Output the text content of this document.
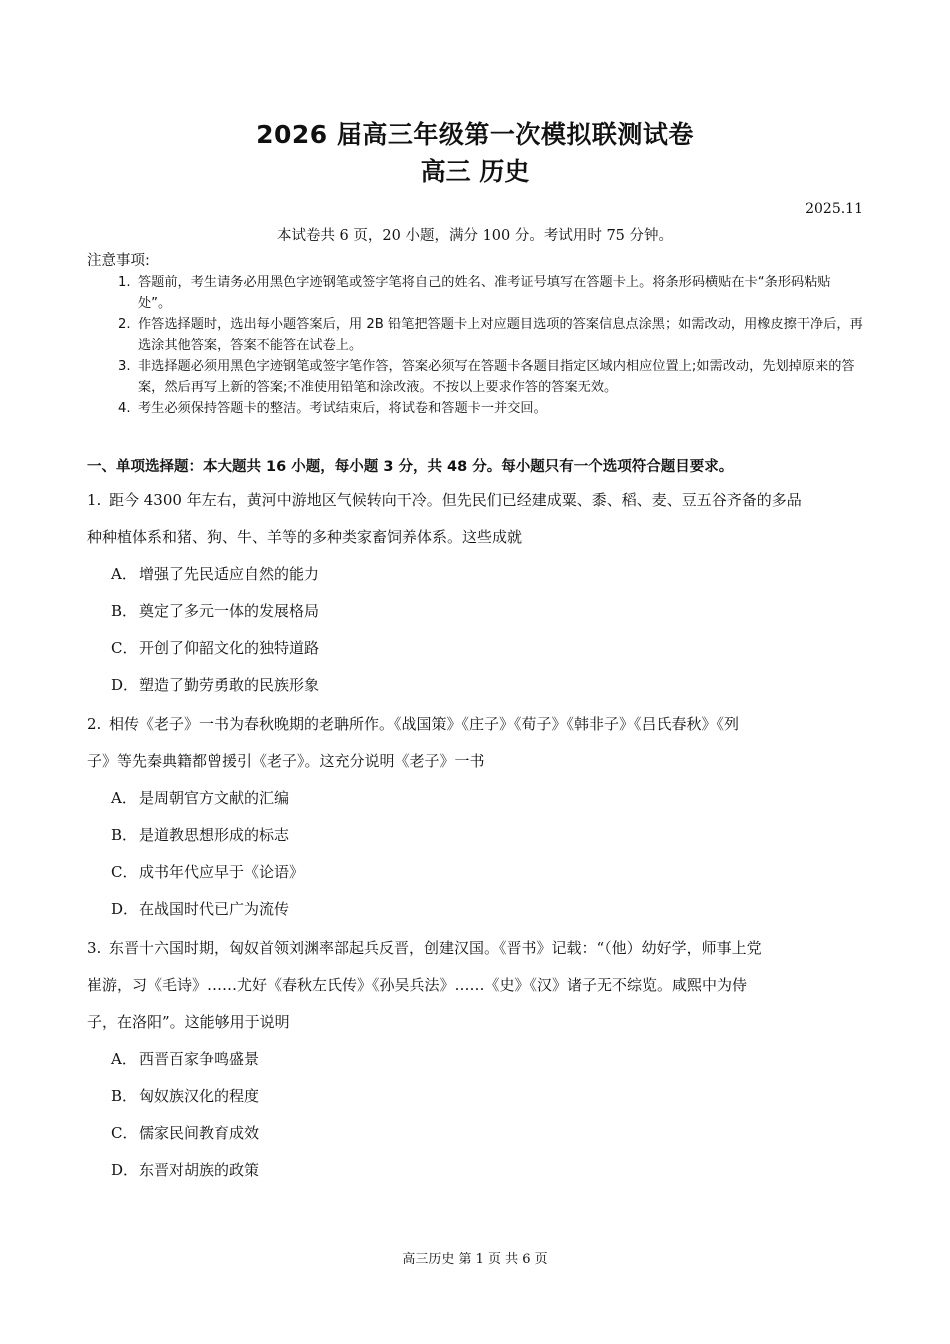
2026 届高三年级第一次模拟联测试卷
高三 历史
2025.11
本试卷共 6 页，20 小题，满分 100 分。考试用时 75 分钟。
注意事项:
1. 答题前，考生请务必用黑色字迹钢笔或签字笔将自己的姓名、准考证号填写在答题卡上。将条形码横贴在卡“条形码粘贴处”。
2. 作答选择题时，选出每小题答案后，用 2B 铅笔把答题卡上对应题目选项的答案信息点涂黑；如需改动，用橡皮擦干净后，再选涂其他答案，答案不能答在试卷上。
3. 非选择题必须用黑色字迹钢笔或签字笔作答，答案必须写在答题卡各题目指定区域内相应位置上;如需改动，先划掉原来的答案，然后再写上新的答案;不准使用铅笔和涂改液。不按以上要求作答的答案无效。
4. 考生必须保持答题卡的整洁。考试结束后，将试卷和答题卡一并交回。
一、单项选择题：本大题共 16 小题，每小题 3 分，共 48 分。每小题只有一个选项符合题目要求。
1. 距今 4300 年左右，黄河中游地区气候转向干冷。但先民们已经建成粟、黍、稻、麦、豆五谷齐备的多品
种种植体系和猪、狗、牛、羊等的多种类家畜饲养体系。这些成就
A． 增强了先民适应自然的能力
B． 奠定了多元一体的发展格局
C． 开创了仰韶文化的独特道路
D．塑造了勤劳勇敢的民族形象
2. 相传《老子》一书为春秋晚期的老聃所作。《战国策》《庄子》《荀子》《韩非子》《吕氏春秋》《列
子》等先秦典籍都曾援引《老子》。这充分说明《老子》一书
A． 是周朝官方文献的汇编
B． 是道教思想形成的标志
C． 成书年代应早于《论语》
D．在战国时代已广为流传
3. 东晋十六国时期，匈奴首领刘渊率部起兵反晋，创建汉国。《晋书》记载：“（他）幼好学，师事上党
崔游，习《毛诗》……尤好《春秋左氏传》《孙吴兵法》……《史》《汉》诸子无不综览。咸熙中为侍
子，在洛阳”。这能够用于说明
A． 西晋百家争鸣盛景
B． 匈奴族汉化的程度
C． 儒家民间教育成效
D．东晋对胡族的政策
高三历史 第 1 页 共 6 页
